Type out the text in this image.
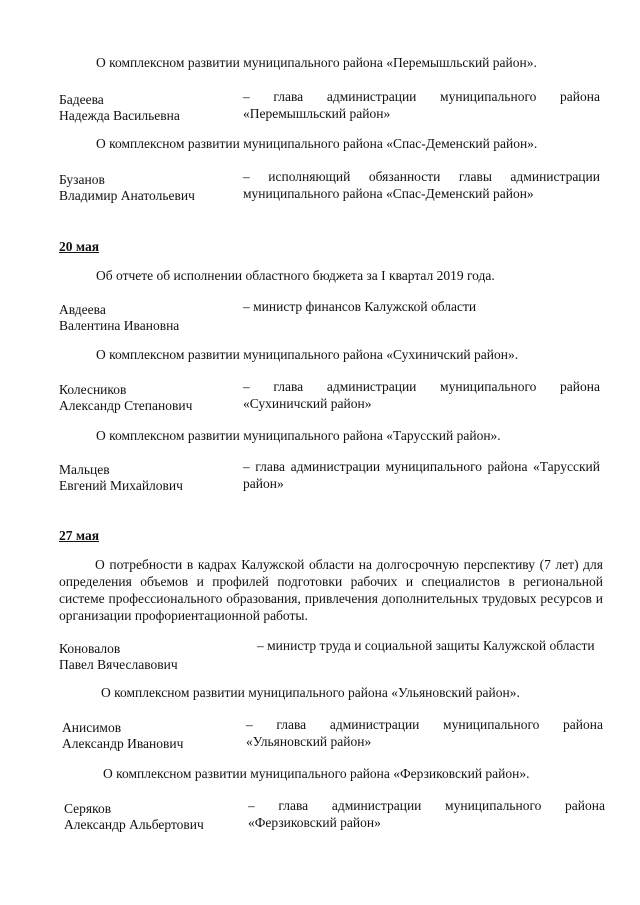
О комплексном развитии муниципального района «Перемышльский район».
Бадеева
Надежда Васильевна
– глава администрации муниципального района «Перемышльский район»
О комплексном развитии муниципального района «Спас-Деменский район».
Бузанов
Владимир Анатольевич
– исполняющий обязанности главы администрации муниципального района «Спас-Деменский район»
20 мая
Об отчете об исполнении областного бюджета за I квартал 2019 года.
Авдеева
Валентина Ивановна
– министр финансов Калужской области
О комплексном развитии муниципального района «Сухиничский район».
Колесников
Александр Степанович
– глава администрации муниципального района «Сухиничский район»
О комплексном развитии муниципального района «Тарусский район».
Мальцев
Евгений Михайлович
– глава администрации муниципального района «Тарусский район»
27 мая
О потребности в кадрах Калужской области на долгосрочную перспективу (7 лет) для определения объемов и профилей подготовки рабочих и специалистов в региональной системе профессионального образования, привлечения дополнительных трудовых ресурсов и организации профориентационной работы.
Коновалов
Павел Вячеславович
– министр труда и социальной защиты Калужской области
О комплексном развитии муниципального района «Ульяновский район».
Анисимов
Александр Иванович
– глава администрации муниципального района «Ульяновский район»
О комплексном развитии муниципального района «Ферзиковский район».
Серяков
Александр Альбертович
– глава администрации муниципального района «Ферзиковский район»
